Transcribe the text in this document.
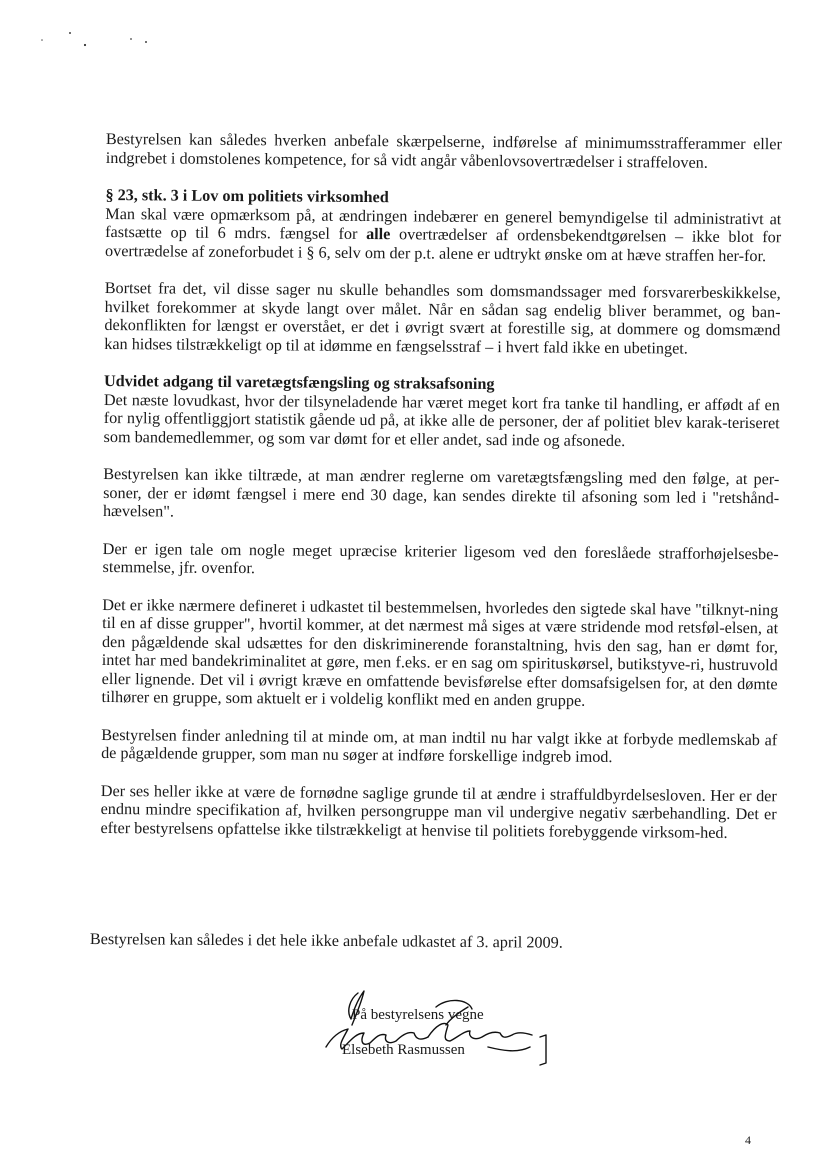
Bestyrelsen kan således hverken anbefale skærpelserne, indførelse af minimumsstrafferammer eller indgrebet i domstolenes kompetence, for så vidt angår våbenlovsovertrædelser i straffeloven.

§ 23, stk. 3 i Lov om politiets virksomhed

Man skal være opmærksom på, at ændringen indebærer en generel bemyndigelse til administrativt at fastsætte op til 6 mdrs. fængsel for alle overtrædelser af ordensbekendtgørelsen – ikke blot for overtrædelse af zoneforbudet i § 6, selv om der p.t. alene er udtrykt ønske om at hæve straffen her-for.

Bortset fra det, vil disse sager nu skulle behandles som domsmandssager med forsvarerbeskikkelse, hvilket forekommer at skyde langt over målet. Når en sådan sag endelig bliver berammet, og ban-dekonflikten for længst er overstået, er det i øvrigt svært at forestille sig, at dommere og domsmænd kan hidses tilstrækkeligt op til at idømme en fængselsstraf – i hvert fald ikke en ubetinget.

Udvidet adgang til varetægtsfængsling og straksafsoning

Det næste lovudkast, hvor der tilsyneladende har været meget kort fra tanke til handling, er affødt af en for nylig offentliggjort statistik gående ud på, at ikke alle de personer, der af politiet blev karak-teriseret som bandemedlemmer, og som var dømt for et eller andet, sad inde og afsonede.

Bestyrelsen kan ikke tiltræde, at man ændrer reglerne om varetægtsfængsling med den følge, at per-soner, der er idømt fængsel i mere end 30 dage, kan sendes direkte til afsoning som led i "retshånd-hævelsen".

Der er igen tale om nogle meget upræcise kriterier ligesom ved den foreslåede strafforhøjelsesbe-stemmelse, jfr. ovenfor.

Det er ikke nærmere defineret i udkastet til bestemmelsen, hvorledes den sigtede skal have "tilknyt-ning til en af disse grupper", hvortil kommer, at det nærmest må siges at være stridende mod retsføl-elsen, at den pågældende skal udsættes for den diskriminerende foranstaltning, hvis den sag, han er dømt for, intet har med bandekriminalitet at gøre, men f.eks. er en sag om spirituskørsel, butikstyve-ri, hustruvold eller lignende. Det vil i øvrigt kræve en omfattende bevisførelse efter domsafsigelsen for, at den dømte tilhører en gruppe, som aktuelt er i voldelig konflikt med en anden gruppe.

Bestyrelsen finder anledning til at minde om, at man indtil nu har valgt ikke at forbyde medlemskab af de pågældende grupper, som man nu søger at indføre forskellige indgreb imod.

Der ses heller ikke at være de fornødne saglige grunde til at ændre i straffuldbyrdelsesloven. Her er der endnu mindre specifikation af, hvilken persongruppe man vil undergive negativ særbehandling. Det er efter bestyrelsens opfattelse ikke tilstrækkeligt at henvise til politiets forebyggende virksom-hed.

Bestyrelsen kan således i det hele ikke anbefale udkastet af 3. april 2009.

På bestyrelsens vegne
Elsebeth Rasmussen
4
